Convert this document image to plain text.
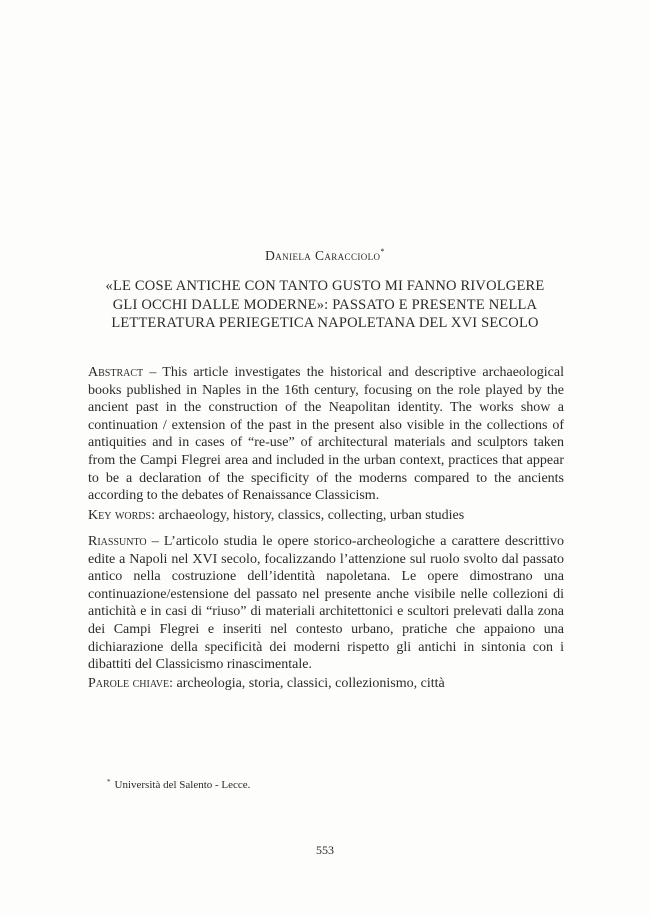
Daniela Caracciolo*
«LE COSE ANTICHE CON TANTO GUSTO MI FANNO RIVOLGERE
GLI OCCHI DALLE MODERNE»: PASSATO E PRESENTE NELLA
LETTERATURA PERIEGETICA NAPOLETANA DEL XVI SECOLO

Abstract – This article investigates the historical and descriptive archaeological books published in Naples in the 16th century, focusing on the role played by the ancient past in the construction of the Neapolitan identity. The works show a continuation / extension of the past in the present also visible in the collections of antiquities and in cases of “re-use” of architectural materials and sculptors taken from the Campi Flegrei area and included in the urban context, practices that appear to be a declaration of the specificity of the moderns compared to the ancients according to the debates of Renaissance Classicism.

Key words: archaeology, history, classics, collecting, urban studies

Riassunto – L’articolo studia le opere storico-archeologiche a carattere descrittivo edite a Napoli nel XVI secolo, focalizzando l’attenzione sul ruolo svolto dal passato antico nella costruzione dell’identità napoletana. Le opere dimostrano una continuazione/estensione del passato nel presente anche visibile nelle collezioni di antichità e in casi di “riuso” di materiali architettonici e scultori prelevati dalla zona dei Campi Flegrei e inseriti nel contesto urbano, pratiche che appaiono una dichiarazione della specificità dei moderni rispetto gli antichi in sintonia con i dibattiti del Classicismo rinascimentale.

Parole chiave: archeologia, storia, classici, collezionismo, città

* Università del Salento - Lecce.
553
